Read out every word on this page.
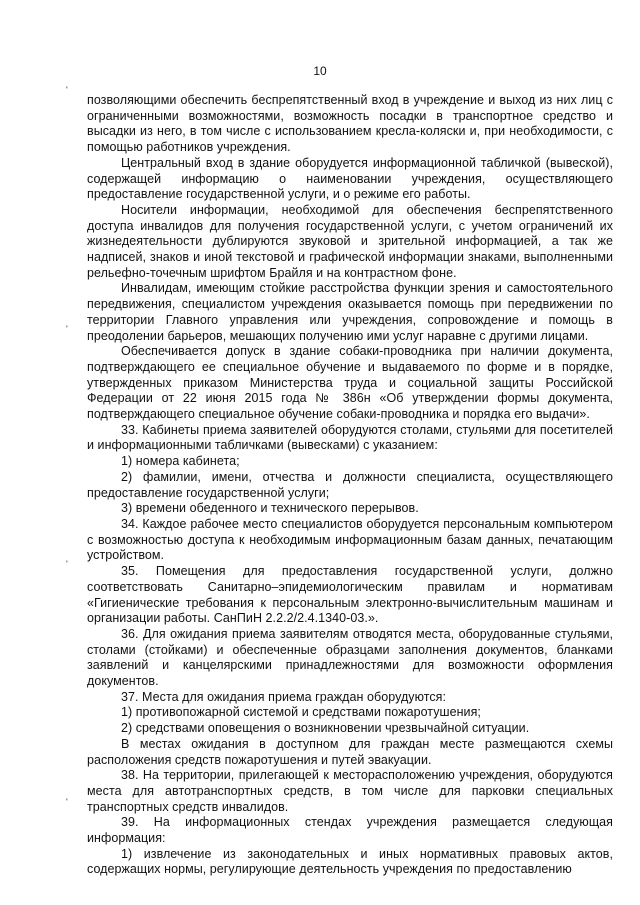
10
'
'
'
'

позволяющими обеспечить беспрепятственный вход в учреждение и выход из них лиц с ограниченными возможностями, возможность посадки в транспортное средство и высадки из него, в том числе с использованием кресла-коляски и, при необходимости, с помощью работников учреждения.

Центральный вход в здание оборудуется информационной табличкой (вывеской), содержащей информацию о наименовании учреждения, осуществляющего предоставление государственной услуги, и о режиме его работы.

Носители информации, необходимой для обеспечения беспрепятственного доступа инвалидов для получения государственной услуги, с учетом ограничений их жизнедеятельности дублируются звуковой и зрительной информацией, а так же надписей, знаков и иной текстовой и графической информации знаками, выполненными рельефно-точечным шрифтом Брайля и на контрастном фоне.

Инвалидам, имеющим стойкие расстройства функции зрения и самостоятельного передвижения, специалистом учреждения оказывается помощь при передвижении по территории Главного управления или учреждения, сопровождение и помощь в преодолении барьеров, мешающих получению ими услуг наравне с другими лицами.

Обеспечивается допуск в здание собаки-проводника при наличии документа, подтверждающего ее специальное обучение и выдаваемого по форме и в порядке, утвержденных приказом Министерства труда и социальной защиты Российской Федерации от 22 июня 2015 года № 386н «Об утверждении формы документа, подтверждающего специальное обучение собаки-проводника и порядка его выдачи».

33. Кабинеты приема заявителей оборудуются столами, стульями для посетителей и информационными табличками (вывесками) с указанием:

1) номера кабинета;

2) фамилии, имени, отчества и должности специалиста, осуществляющего предоставление государственной услуги;

3) времени обеденного и технического перерывов.

34. Каждое рабочее место специалистов оборудуется персональным компьютером с возможностью доступа к необходимым информационным базам данных, печатающим устройством.

35. Помещения для предоставления государственной услуги, должно соответствовать Санитарно–эпидемиологическим правилам и нормативам «Гигиенические требования к персональным электронно-вычислительным машинам и организации работы. СанПиН 2.2.2/2.4.1340-03.».

36. Для ожидания приема заявителям отводятся места, оборудованные стульями, столами (стойками) и обеспеченные образцами заполнения документов, бланками заявлений и канцелярскими принадлежностями для возможности оформления документов.

37. Места для ожидания приема граждан оборудуются:

1) противопожарной системой и средствами пожаротушения;

2) средствами оповещения о возникновении чрезвычайной ситуации.

В местах ожидания в доступном для граждан месте размещаются схемы расположения средств пожаротушения и путей эвакуации.

38. На территории, прилегающей к месторасположению учреждения, оборудуются места для автотранспортных средств, в том числе для парковки специальных транспортных средств инвалидов.

39. На информационных стендах учреждения размещается следующая информация:

1) извлечение из законодательных и иных нормативных правовых актов, содержащих нормы, регулирующие деятельность учреждения по предоставлению
